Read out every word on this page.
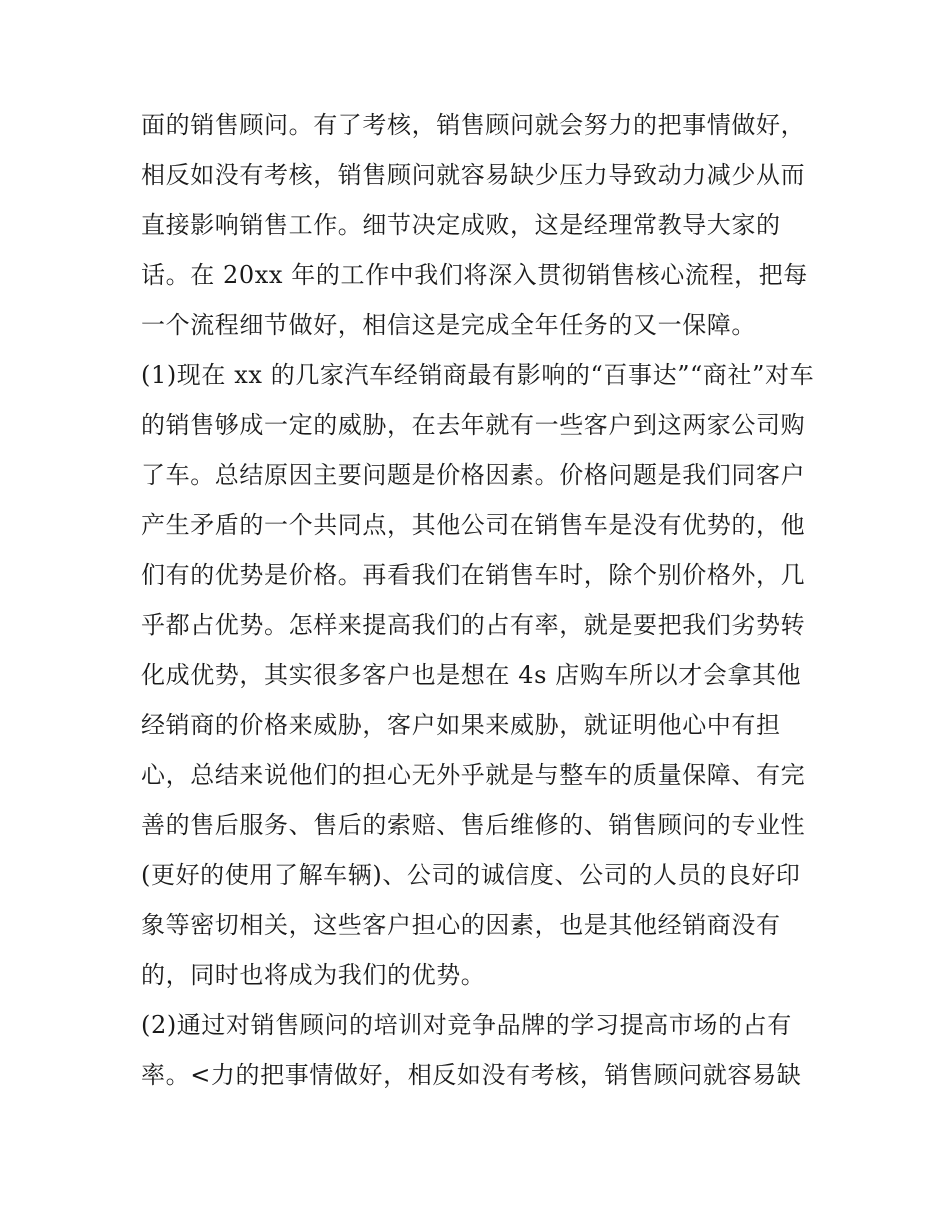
面的销售顾问。有了考核，销售顾问就会努力的把事情做好，
相反如没有考核，销售顾问就容易缺少压力导致动力减少从而
直接影响销售工作。细节决定成败，这是经理常教导大家的
话。在 20xx 年的工作中我们将深入贯彻销售核心流程，把每
一个流程细节做好，相信这是完成全年任务的又一保障。
(1)现在 xx 的几家汽车经销商最有影响的“百事达”“商社”对车
的销售够成一定的威胁，在去年就有一些客户到这两家公司购
了车。总结原因主要问题是价格因素。价格问题是我们同客户
产生矛盾的一个共同点，其他公司在销售车是没有优势的，他
们有的优势是价格。再看我们在销售车时，除个别价格外，几
乎都占优势。怎样来提高我们的占有率，就是要把我们劣势转
化成优势，其实很多客户也是想在 4s 店购车所以才会拿其他
经销商的价格来威胁，客户如果来威胁，就证明他心中有担
心，总结来说他们的担心无外乎就是与整车的质量保障、有完
善的售后服务、售后的索赔、售后维修的、销售顾问的专业性
(更好的使用了解车辆)、公司的诚信度、公司的人员的良好印
象等密切相关，这些客户担心的因素，也是其他经销商没有
的，同时也将成为我们的优势。
(2)通过对销售顾问的培训对竞争品牌的学习提高市场的占有
率。<力的把事情做好，相反如没有考核，销售顾问就容易缺
